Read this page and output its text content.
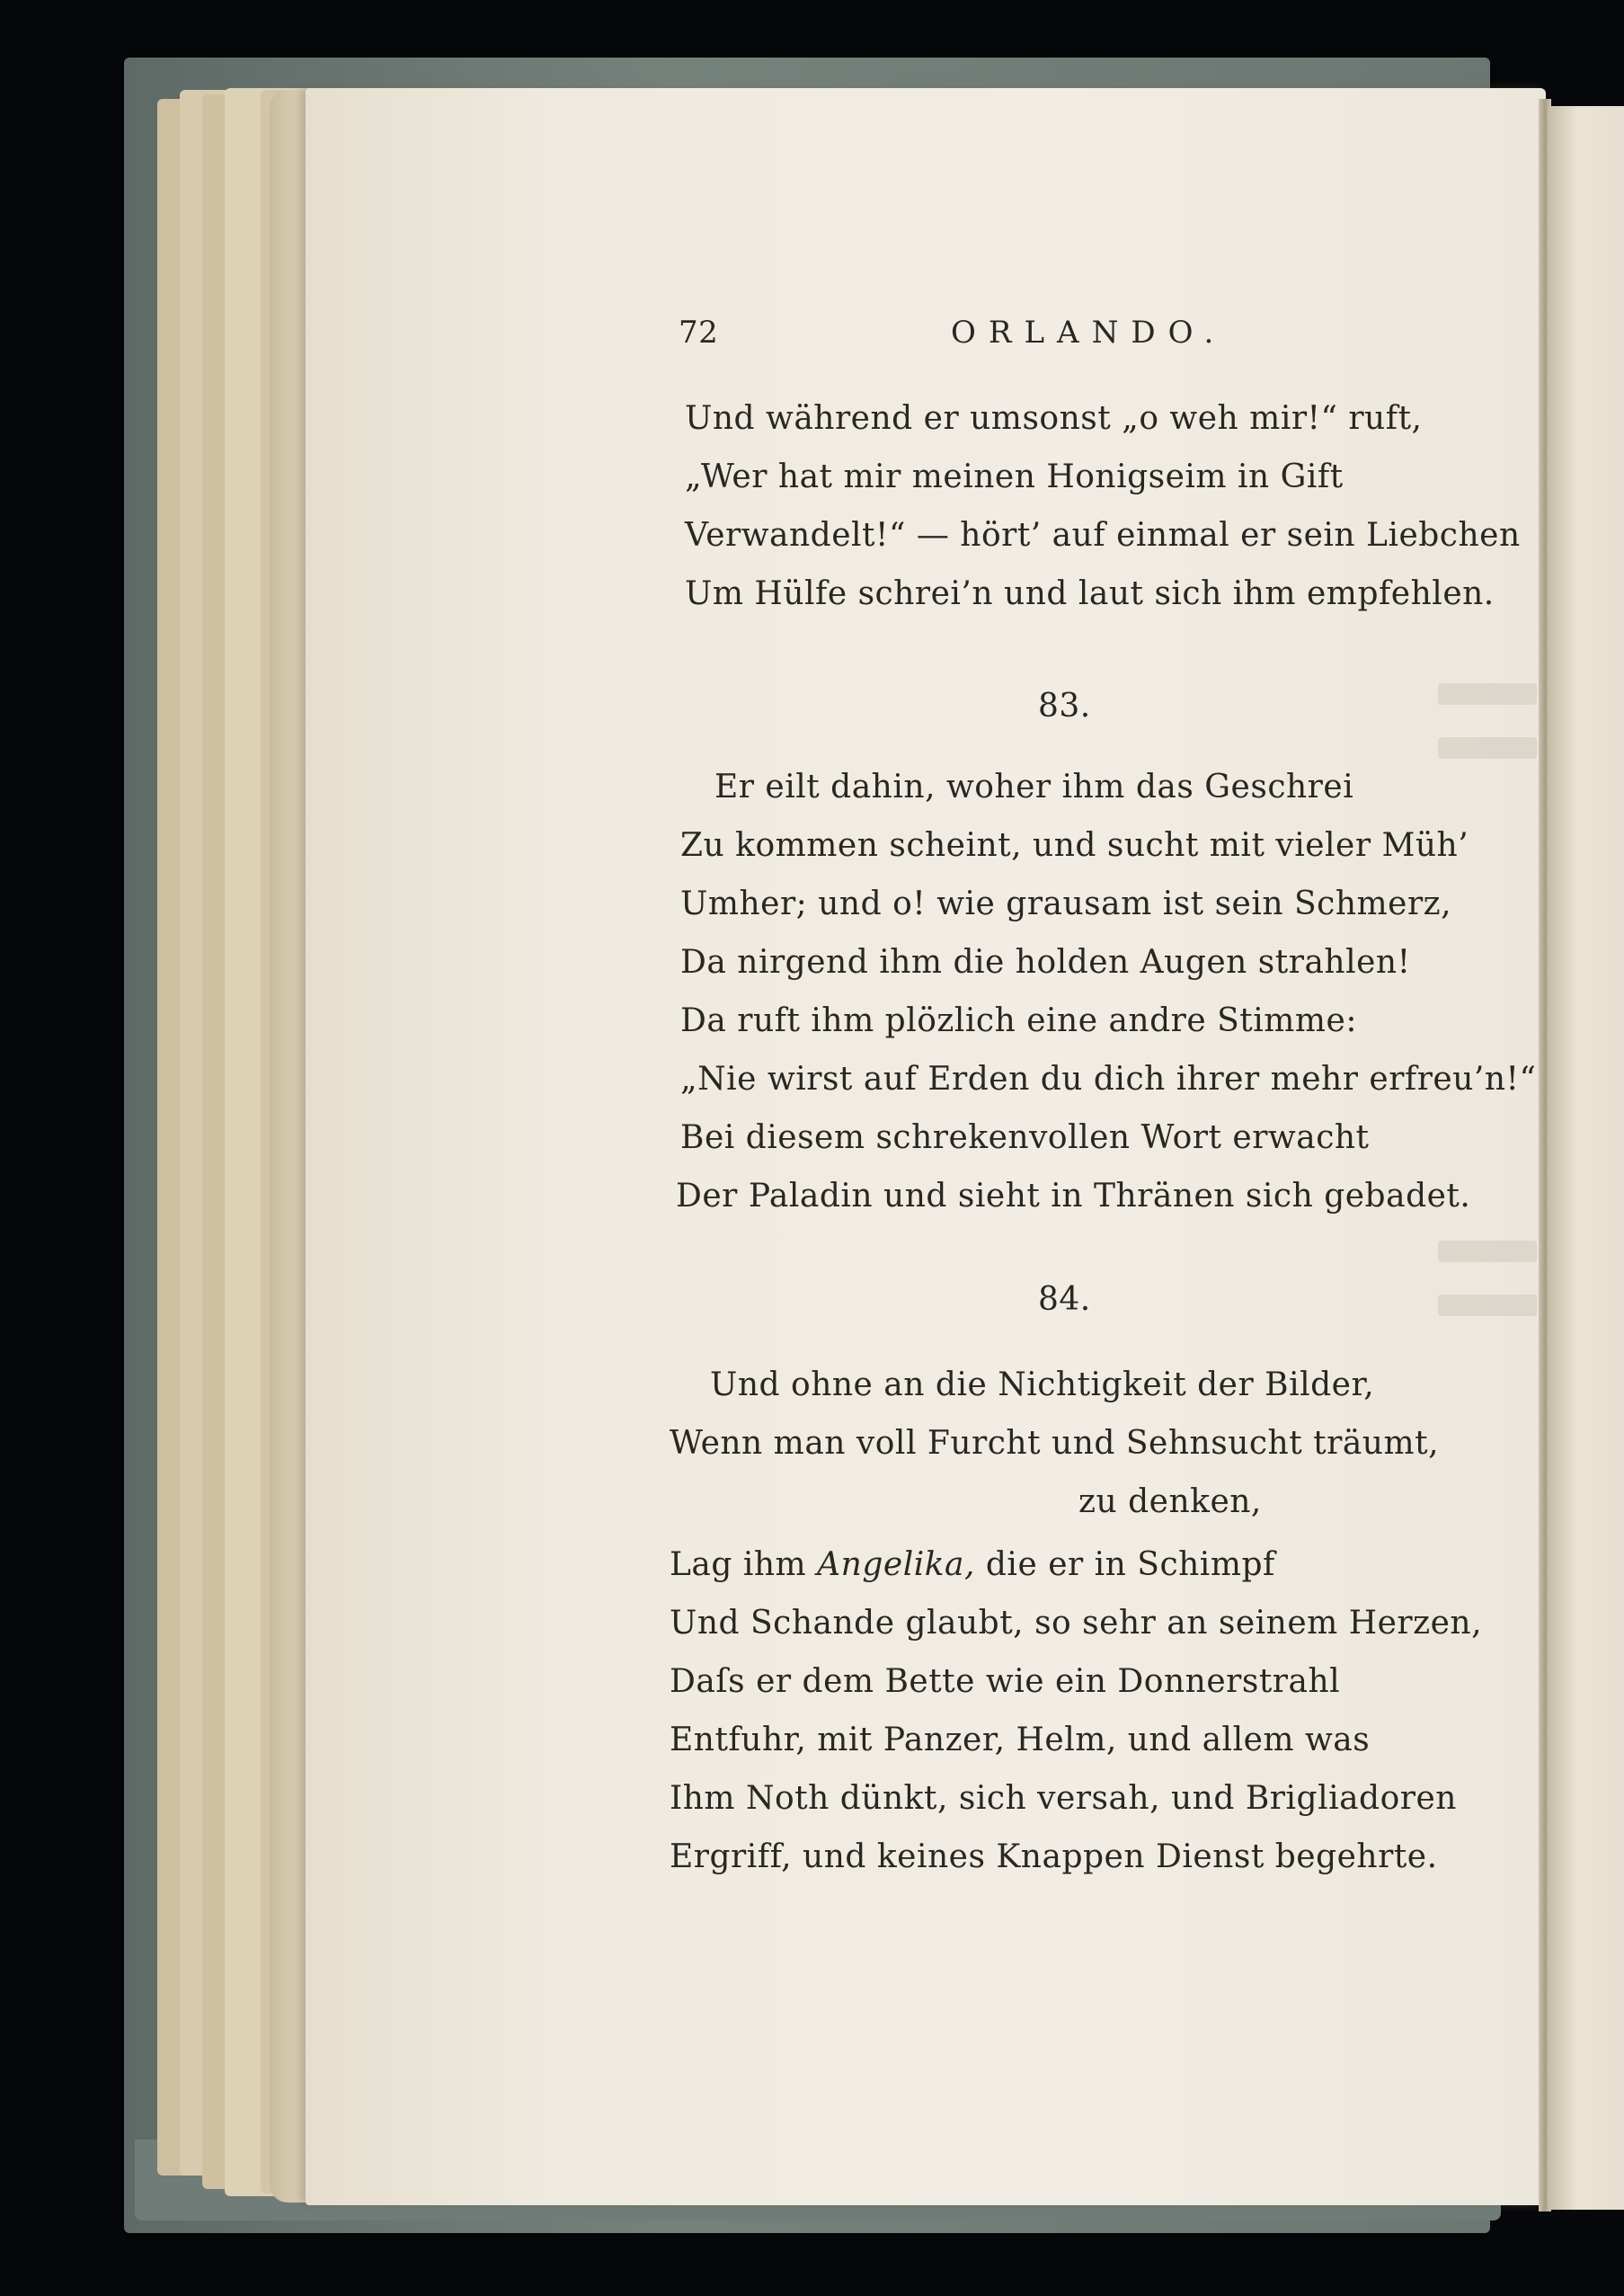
72	ORLANDO.
Und während er umsonst „o weh mir!“ ruft,
„Wer hat mir meinen Honigseim in Gift
Verwandelt!“ — hört’ auf einmal er sein Liebchen
Um Hülfe schrei’n und laut sich ihm empfehlen.
83.
Er eilt dahin, woher ihm das Geschrei
Zu kommen scheint, und sucht mit vieler Müh’
Umher; und o! wie grausam ist sein Schmerz,
Da nirgend ihm die holden Augen strahlen!
Da ruft ihm plözlich eine andre Stimme:
„Nie wirst auf Erden du dich ihrer mehr erfreu’n!“
Bei diesem schrekenvollen Wort erwacht
Der Paladin und sieht in Thränen sich gebadet.
84.
Und ohne an die Nichtigkeit der Bilder,
Wenn man voll Furcht und Sehnsucht träumt,
zu denken,
Lag ihm Angelika, die er in Schimpf
Und Schande glaubt, so sehr an seinem Herzen,
Daſs er dem Bette wie ein Donnerstrahl
Entfuhr, mit Panzer, Helm, und allem was
Ihm Noth dünkt, sich versah, und Brigliadoren
Ergriff, und keines Knappen Dienst begehrte.
